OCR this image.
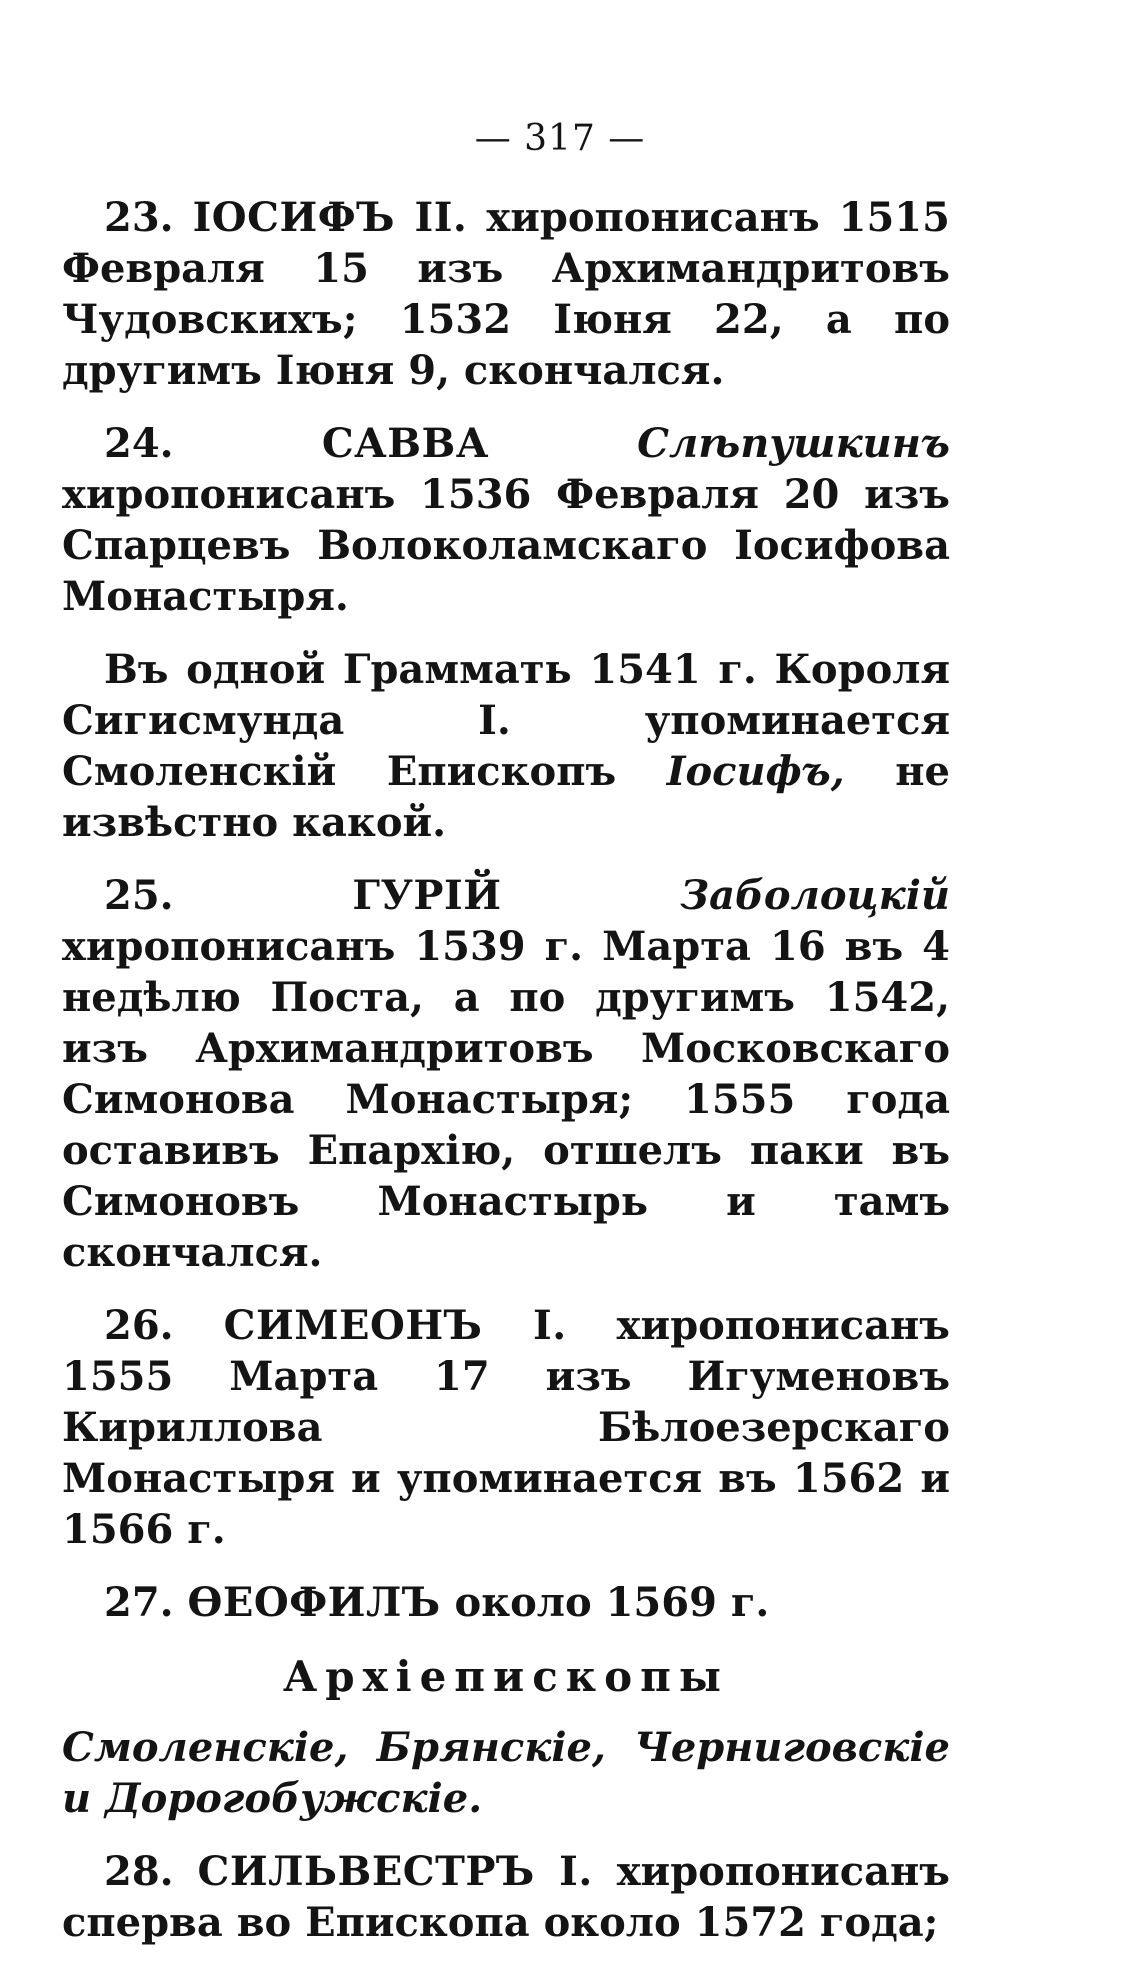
— 317 —

23. ІОСИФЪ II. хиропонисанъ 1515 Февраля 15 изъ Архимандритовъ Чудовскихъ; 1532 Іюня 22, а по другимъ Іюня 9, скончался.

24.	САВВА	Слѣпушкинъ хиропонисанъ 1536 Февраля 20 изъ Спарцевъ Волоколамскаго Іосифова Монастыря.

Въ одной Граммать 1541 г. Короля Сигисмунда I. упоминается Смоленскій Епископъ Іосифъ, не извѣстно какой.

25.	ГУРІЙ	Заболоцкій хиропонисанъ 1539 г. Марта 16 въ 4 недѣлю Поста, а по другимъ 1542, изъ Архимандритовъ Московскаго Симонова Монастыря; 1555 года оставивъ Епархію, отшелъ паки въ Симоновъ Монастырь и тамъ скончался.

26. СИМЕОНЪ I. хиропонисанъ 1555 Марта 17 изъ Игуменовъ Кириллова Бѣлоезерскаго Монастыря и упоминается въ 1562 и 1566 г.

27. ѲЕОФИЛЪ около 1569 г.

Архіепископы

Смоленскіе, Брянскіе, Черниговскіе и Дорогобужскіе.

28. СИЛЬВЕСТРЪ I. хиропонисанъ сперва во Епископа около 1572 года;
